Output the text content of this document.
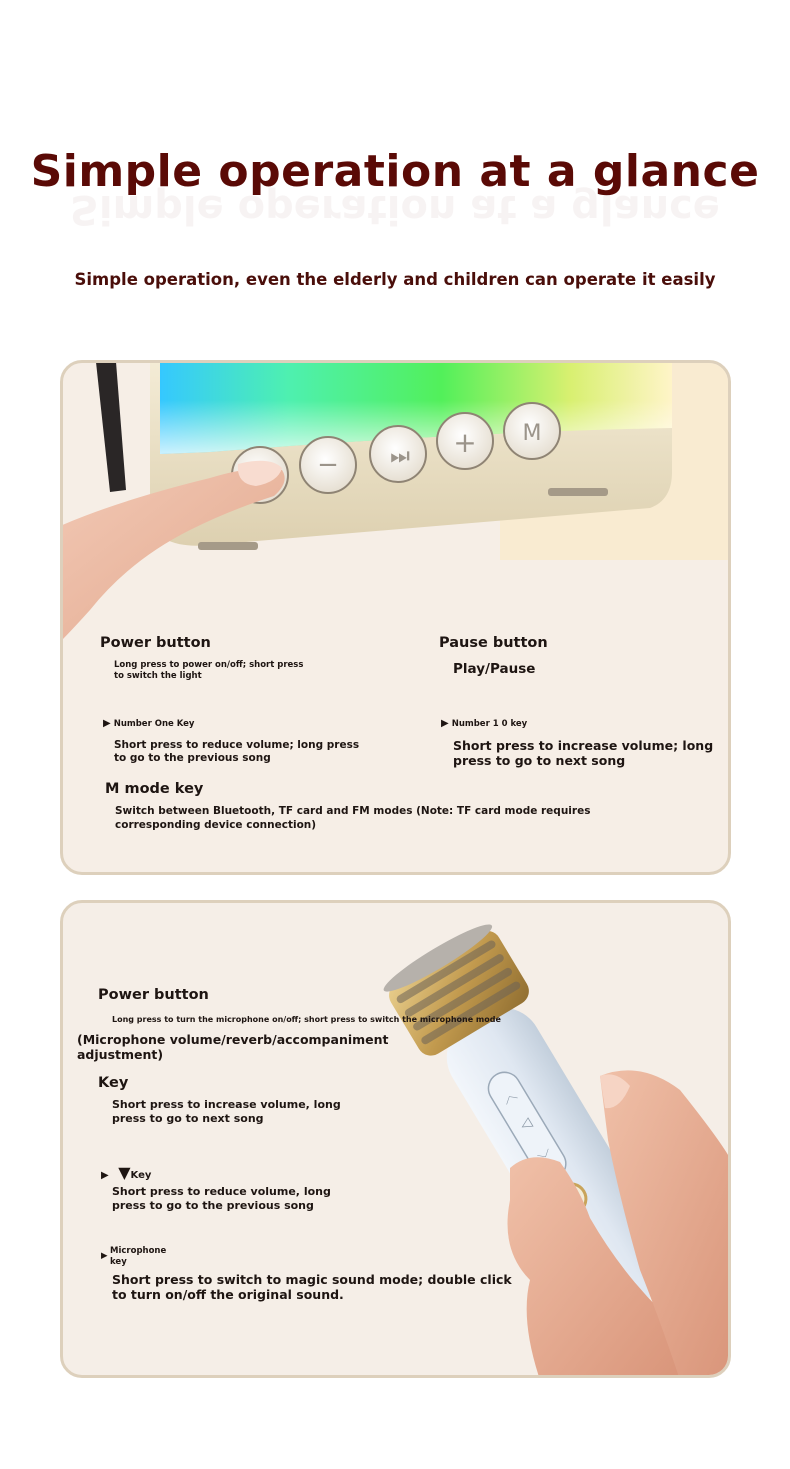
Simple operation at a glance
Simple operation, even the elderly and children can operate it easily
− ⏭ + M
Power button
Long press to power on/off; short press
to switch the light
Pause button
Play/Pause
▶ Number One Key
Short press to reduce volume; long press
to go to the previous song
▶ Number 1 0 key
Short press to increase volume; long
press to go to next song
M mode key
Switch between Bluetooth, TF card and FM modes (Note: TF card mode requires
corresponding device connection)
︿
◁
Power button
Long press to turn the microphone on/off; short press to switch the microphone mode
(Microphone volume/reverb/accompaniment
adjustment)
Key
Short press to increase volume, long
press to go to next song
▶ ▼Key
Short press to reduce volume, long
press to go to the previous song
▶ Microphone
key
Short press to switch to magic sound mode; double click
to turn on/off the original sound.
